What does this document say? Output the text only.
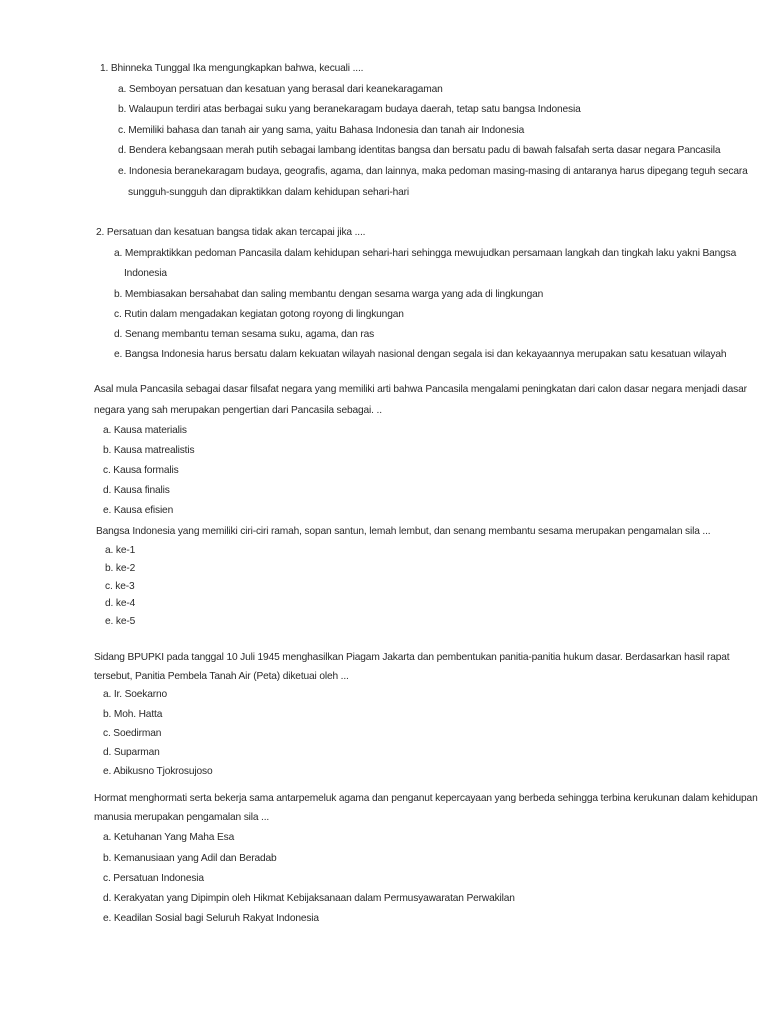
1. Bhinneka Tunggal Ika mengungkapkan bahwa, kecuali ....
a. Semboyan persatuan dan kesatuan yang berasal dari keanekaragaman
b. Walaupun terdiri atas berbagai suku yang beranekaragam budaya daerah, tetap satu bangsa Indonesia
c. Memiliki bahasa dan tanah air yang sama, yaitu Bahasa Indonesia dan tanah air Indonesia
d. Bendera kebangsaan merah putih sebagai lambang identitas bangsa dan bersatu padu di bawah falsafah serta dasar negara Pancasila
e. Indonesia beranekaragam budaya, geografis, agama, dan lainnya, maka pedoman masing-masing di antaranya harus dipegang teguh secara
sungguh-sungguh dan dipraktikkan dalam kehidupan sehari-hari
2. Persatuan dan kesatuan bangsa tidak akan tercapai jika ....
a. Mempraktikkan pedoman Pancasila dalam kehidupan sehari-hari sehingga mewujudkan persamaan langkah dan tingkah laku yakni Bangsa
Indonesia
b. Membiasakan bersahabat dan saling membantu dengan sesama warga yang ada di lingkungan
c. Rutin dalam mengadakan kegiatan gotong royong di lingkungan
d. Senang membantu teman sesama suku, agama, dan ras
e. Bangsa Indonesia harus bersatu dalam kekuatan wilayah nasional dengan segala isi dan kekayaannya merupakan satu kesatuan wilayah
Asal mula Pancasila sebagai dasar filsafat negara yang memiliki arti bahwa Pancasila mengalami peningkatan dari calon dasar negara menjadi dasar
negara yang sah merupakan pengertian dari Pancasila sebagai. ..
a. Kausa materialis
b. Kausa matrealistis
c. Kausa formalis
d. Kausa finalis
e. Kausa efisien
Bangsa Indonesia yang memiliki ciri-ciri ramah, sopan santun, lemah lembut, dan senang membantu sesama merupakan pengamalan sila ...
a. ke-1
b. ke-2
c. ke-3
d. ke-4
e. ke-5
Sidang BPUPKI pada tanggal 10 Juli 1945 menghasilkan Piagam Jakarta dan pembentukan panitia-panitia hukum dasar. Berdasarkan hasil rapat
tersebut, Panitia Pembela Tanah Air (Peta) diketuai oleh ...
a. Ir. Soekarno
b. Moh. Hatta
c. Soedirman
d. Suparman
e. Abikusno Tjokrosujoso
Hormat menghormati serta bekerja sama antarpemeluk agama dan penganut kepercayaan yang berbeda sehingga terbina kerukunan dalam kehidupan
manusia merupakan pengamalan sila ...
a. Ketuhanan Yang Maha Esa
b. Kemanusiaan yang Adil dan Beradab
c. Persatuan Indonesia
d. Kerakyatan yang Dipimpin oleh Hikmat Kebijaksanaan dalam Permusyawaratan Perwakilan
e. Keadilan Sosial bagi Seluruh Rakyat Indonesia
